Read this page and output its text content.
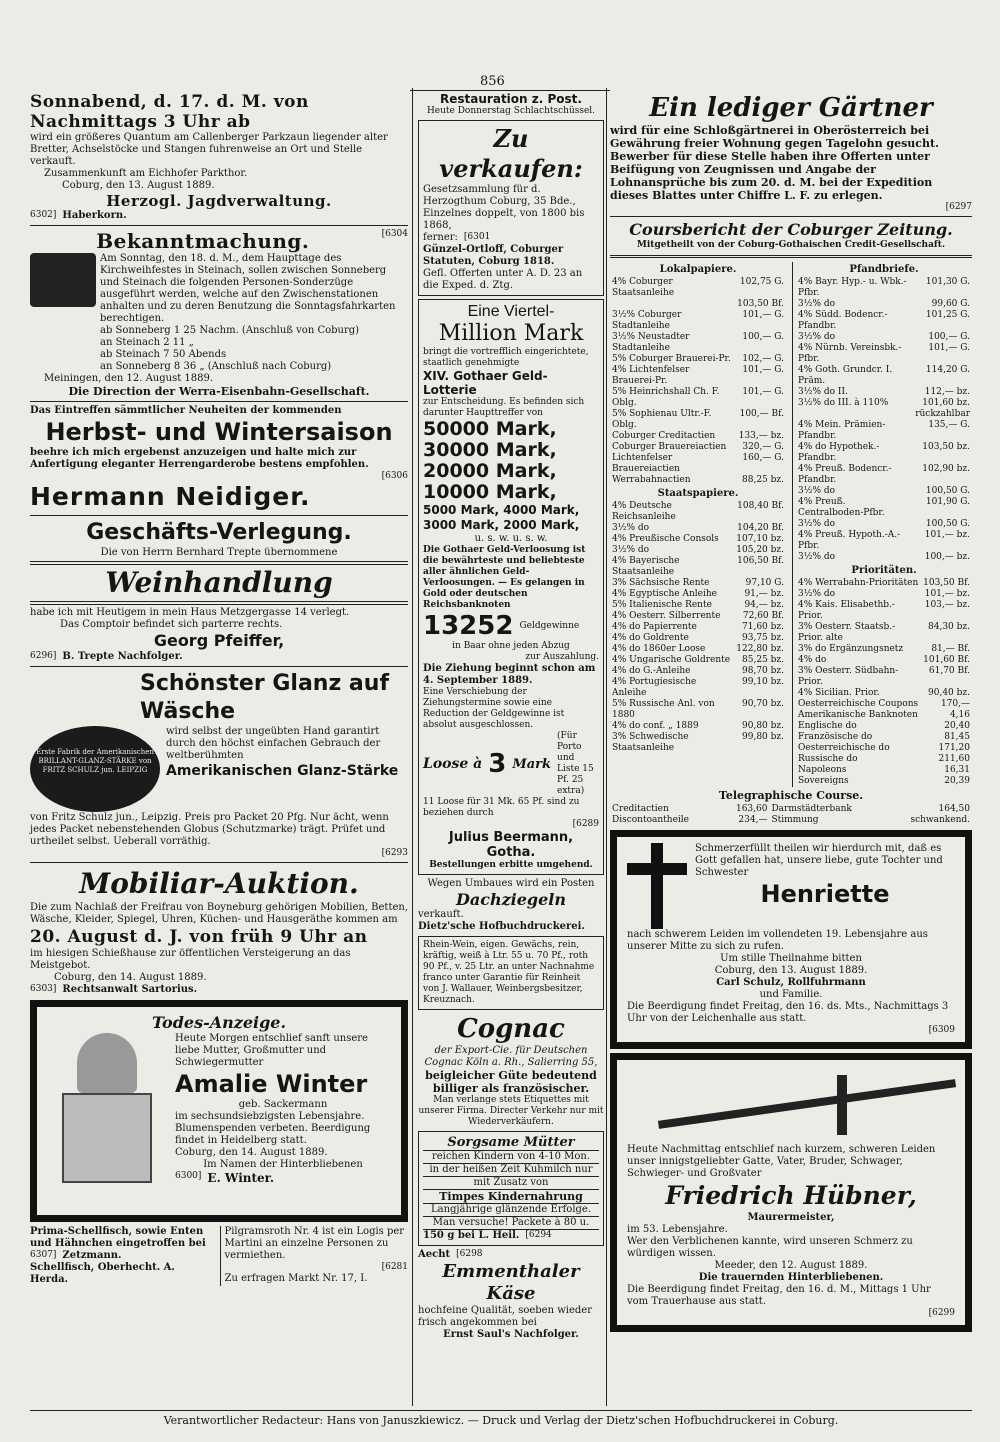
856

Sonnabend, d. 17. d. M. von Nachmittags 3 Uhr ab

wird ein größeres Quantum am Callenberger Parkzaun liegender alter Bretter, Achselstöcke und Stangen fuhrenweise an Ort und Stelle verkauft.

Zusammenkunft am Eichhofer Parkthor.

Coburg, den 13. August 1889.

Herzogl. Jagdverwaltung.

6302] Haberkorn.

Bekanntmachung.	[6304

Am Sonntag, den 18. d. M., dem Haupttage des Kirchweihfestes in Steinach, sollen zwischen Sonneberg und Steinach die folgenden Personen-Sonderzüge ausgeführt werden, welche auf den Zwischenstationen anhalten und zu deren Benutzung die Sonntagsfahrkarten berechtigen.

ab Sonneberg 1 25 Nachm. (Anschluß von Coburg)

an Steinach 2 11 „

ab Steinach 7 50 Abends

an Sonneberg 8 36 „ (Anschluß nach Coburg)

Meiningen, den 12. August 1889.

Die Direction der Werra-Eisenbahn-Gesellschaft.

Das Eintreffen sämmtlicher Neuheiten der kommenden

Herbst- und Wintersaison

beehre ich mich ergebenst anzuzeigen und halte mich zur Anfertigung eleganter Herrengarderobe bestens empfohlen.

[6306

Hermann Neidiger.

Geschäfts-Verlegung.

Die von Herrn Bernhard Trepte übernommene

Weinhandlung

habe ich mit Heutigem in mein Haus Metzgergasse 14 verlegt.

Das Comptoir befindet sich parterre rechts.

Georg Pfeiffer,

6296] B. Trepte Nachfolger.

Schönster Glanz auf Wäsche

Erste Fabrik der Amerikanischen BRILLANT-GLANZ-STÄRKE von FRITZ SCHULZ jun. LEIPZIG

wird selbst der ungeübten Hand garantirt durch den höchst einfachen Gebrauch der weltberühmten

Amerikanischen Glanz-Stärke

von Fritz Schulz jun., Leipzig. Preis pro Packet 20 Pfg. Nur ächt, wenn jedes Packet nebenstehenden Globus (Schutzmarke) trägt. Prüfet und urtheilet selbst. Ueberall vorräthig.

[6293

Mobiliar-Auktion.

Die zum Nachlaß der Freifrau von Boyneburg gehörigen Mobilien, Betten, Wäsche, Kleider, Spiegel, Uhren, Küchen- und Hausgeräthe kommen am

20. August d. J. von früh 9 Uhr an

im hiesigen Schießhause zur öffentlichen Versteigerung an das Meistgebot.

Coburg, den 14. August 1889.

6303] Rechtsanwalt Sartorius.

Todes-Anzeige.

Heute Morgen entschlief sanft unsere liebe Mutter, Großmutter und Schwiegermutter

Amalie Winter

geb. Sackermann

im sechsundsiebzigsten Lebensjahre. Blumenspenden verbeten. Beerdigung findet in Heidelberg statt.

Coburg, den 14. August 1889.

Im Namen der Hinterbliebenen

6300] E. Winter.

Prima-Schellfisch, sowie Enten und Hähnchen eingetroffen bei

6307] Zetzmann.

Schellfisch, Oberhecht. A. Herda.

Pilgramsroth Nr. 4 ist ein Logis per Martini an einzelne Personen zu vermiethen.

[6281

Zu erfragen Markt Nr. 17, I.

Restauration z. Post.

Heute Donnerstag Schlachtschüssel.

Zu verkaufen:

Gesetzsammlung für d. Herzogthum Coburg, 35 Bde., Einzelnes doppelt, von 1800 bis 1868,

ferner: [6301

Günzel-Ortloff, Coburger Statuten, Coburg 1818.

Gefl. Offerten unter A. D. 23 an die Exped. d. Ztg.

Eine Viertel-

Million Mark

bringt die vortrefflich eingerichtete, staatlich genehmigte

XIV. Gothaer Geld-Lotterie

zur Entscheidung. Es befinden sich darunter Haupttreffer von

50000 Mark,

30000 Mark,

20000 Mark,

10000 Mark,

5000 Mark, 4000 Mark,

3000 Mark, 2000 Mark,

u. s. w. u. s. w.

Die Gothaer Geld-Verloosung ist die bewährteste und beliebteste aller ähnlichen Geld-Verloosungen. — Es gelangen in Gold oder deutschen Reichsbanknoten

13252 Geldgewinne

in Baar ohne jeden Abzug

zur Auszahlung.

Die Ziehung beginnt schon am 4. September 1889.

Eine Verschiebung der Ziehungstermine sowie eine Reduction der Geldgewinne ist absolut ausgeschlossen.

Loose à 3 Mark

(Für Porto und Liste 15 Pf. 25 extra)

11 Loose für 31 Mk. 65 Pf. sind zu beziehen durch

[6289

Julius Beermann, Gotha.

Bestellungen erbitte umgehend.

Wegen Umbaues wird ein Posten

Dachziegeln

verkauft.

Dietz'sche Hofbuchdruckerei.

Rhein-Wein, eigen. Gewächs, rein, kräftig, weiß à Ltr. 55 u. 70 Pf., roth 90 Pf., v. 25 Ltr. an unter Nachnahme franco unter Garantie für Reinheit von J. Wallauer, Weinbergsbesitzer, Kreuznach.

Cognac

der Export-Cie. für Deutschen Cognac Köln a. Rh., Salierring 55,

beigleicher Güte bedeutend billiger als französischer.

Man verlange stets Etiquettes mit unserer Firma. Directer Verkehr nur mit Wiederverkäufern.

Sorgsame Mütter

reichen Kindern von 4-10 Mon.

in der heißen Zeit Kuhmilch nur

mit Zusatz von

Timpes Kindernahrung

Langjährige glänzende Erfolge.

Man versuche! Packete à 80 u.

150 g bei L. Heil. [6294

Aecht [6298

Emmenthaler Käse

hochfeine Qualität, soeben wieder frisch angekommen bei

Ernst Saul's Nachfolger.

Ein lediger Gärtner

wird für eine Schloßgärtnerei in Oberösterreich bei Gewährung freier Wohnung gegen Tagelohn gesucht. Bewerber für diese Stelle haben ihre Offerten unter Beifügung von Zeugnissen und Angabe der Lohnansprüche bis zum 20. d. M. bei der Expedition dieses Blattes unter Chiffre L. F. zu erlegen.

[6297

Coursbericht der Coburger Zeitung.

Mitgetheilt von der Coburg-Gothaischen Credit-Gesellschaft.

Lokalpapiere.

4% Coburger Staatsanleihe	102,75 G.
	103,50 Bf.
3½% Coburger Stadtanleihe	101,— G.
3½% Neustadter Stadtanleihe	100,— G.
5% Coburger Brauerei-Pr.	102,— G.
4% Lichtenfelser Brauerei-Pr.	101,— G.
5% Heinrichshall Ch. F. Oblg.	101,— G.
5% Sophienau Ultr.-F. Oblg.	100,— Bf.
Coburger Creditactien	133,— bz.
Coburger Brauereiactien	320,— G.
Lichtenfelser Brauereiactien	160,— G.
Werrabahnactien	88,25 bz.

Staatspapiere.

4% Deutsche Reichsanleihe	108,40 Bf.
3½% do	104,20 Bf.
4% Preußische Consols	107,10 bz.
3½% do	105,20 bz.
4% Bayerische Staatsanleihe	106,50 Bf.
3% Sächsische Rente	97,10 G.
4% Egyptische Anleihe	91,— bz.
5% Italienische Rente	94,— bz.
4% Oesterr. Silberrente	72,60 Bf.
4% do Papierrente	71,60 bz.
4% do Goldrente	93,75 bz.
4% do 1860er Loose	122,80 bz.
4% Ungarische Goldrente	85,25 bz.
4% do G.-Anleihe	98,70 bz.
4% Portugiesische Anleihe	99,10 bz.
5% Russische Anl. von 1880	90,70 bz.
4% do conf. „ 1889	90,80 bz.
3% Schwedische Staatsanleihe	99,80 bz.

Pfandbriefe.

4% Bayr. Hyp.- u. Wbk.-Pfbr.	101,30 G.
3½% do	99,60 G.
4% Südd. Bodencr.-Pfandbr.	101,25 G.
3½% do	100,— G.
4% Nürnb. Vereinsbk.-Pfbr.	101,— G.
4% Goth. Grundcr. I. Präm.	114,20 G.
3½% do II.	112,— bz.
3½% do III. à 110%	101,60 bz.
	rückzahlbar
4% Mein. Prämien-Pfandbr.	135,— G.
4% do Hypothek.-Pfandbr.	103,50 bz.
4% Preuß. Bodencr.-Pfandbr.	102,90 bz.
3½% do	100,50 G.
4% Preuß. Centralboden-Pfbr.	101,90 G.
3½% do	100,50 G.
4% Preuß. Hypoth.-A.-Pfbr.	101,— bz.
3½% do	100,— bz.

Prioritäten.

4% Werrabahn-Prioritäten	103,50 Bf.
3½% do	101,— bz.
4% Kais. Elisabethb.-Prior.	103,— bz.
3% Oesterr. Staatsb.-Prior. alte	84,30 bz.
3% do Ergänzungsnetz	81,— Bf.
4% do	101,60 Bf.
3% Oesterr. Südbahn-Prior.	61,70 Bf.
4% Sicilian. Prior.	90,40 bz.
Oesterreichische Coupons	170,—
Amerikanische Banknoten	4,16
Englische do	20,40
Französische do	81,45
Oesterreichische do	171,20
Russische do	211,60
Napoleons	16,31
Sovereigns	20,39

Telegraphische Course.

Creditactien	163,60	Darmstädterbank	164,50
Discontoantheile	234,—	Stimmung	schwankend.

Schmerzerfüllt theilen wir hierdurch mit, daß es Gott gefallen hat, unsere liebe, gute Tochter und Schwester

Henriette

nach schwerem Leiden im vollendeten 19. Lebensjahre aus unserer Mitte zu sich zu rufen.

Um stille Theilnahme bitten

Coburg, den 13. August 1889.

Carl Schulz, Rollfuhrmann

und Familie.

Die Beerdigung findet Freitag, den 16. ds. Mts., Nachmittags 3 Uhr von der Leichenhalle aus statt.

[6309

Heute Nachmittag entschlief nach kurzem, schweren Leiden unser innigstgeliebter Gatte, Vater, Bruder, Schwager, Schwieger- und Großvater

Friedrich Hübner,

Maurermeister,

im 53. Lebensjahre.

Wer den Verblichenen kannte, wird unseren Schmerz zu würdigen wissen.

Meeder, den 12. August 1889.

Die trauernden Hinterbliebenen.

Die Beerdigung findet Freitag, den 16. d. M., Mittags 1 Uhr vom Trauerhause aus statt.

[6299

Verantwortlicher Redacteur: Hans von Januszkiewicz. — Druck und Verlag der Dietz'schen Hofbuchdruckerei in Coburg.
